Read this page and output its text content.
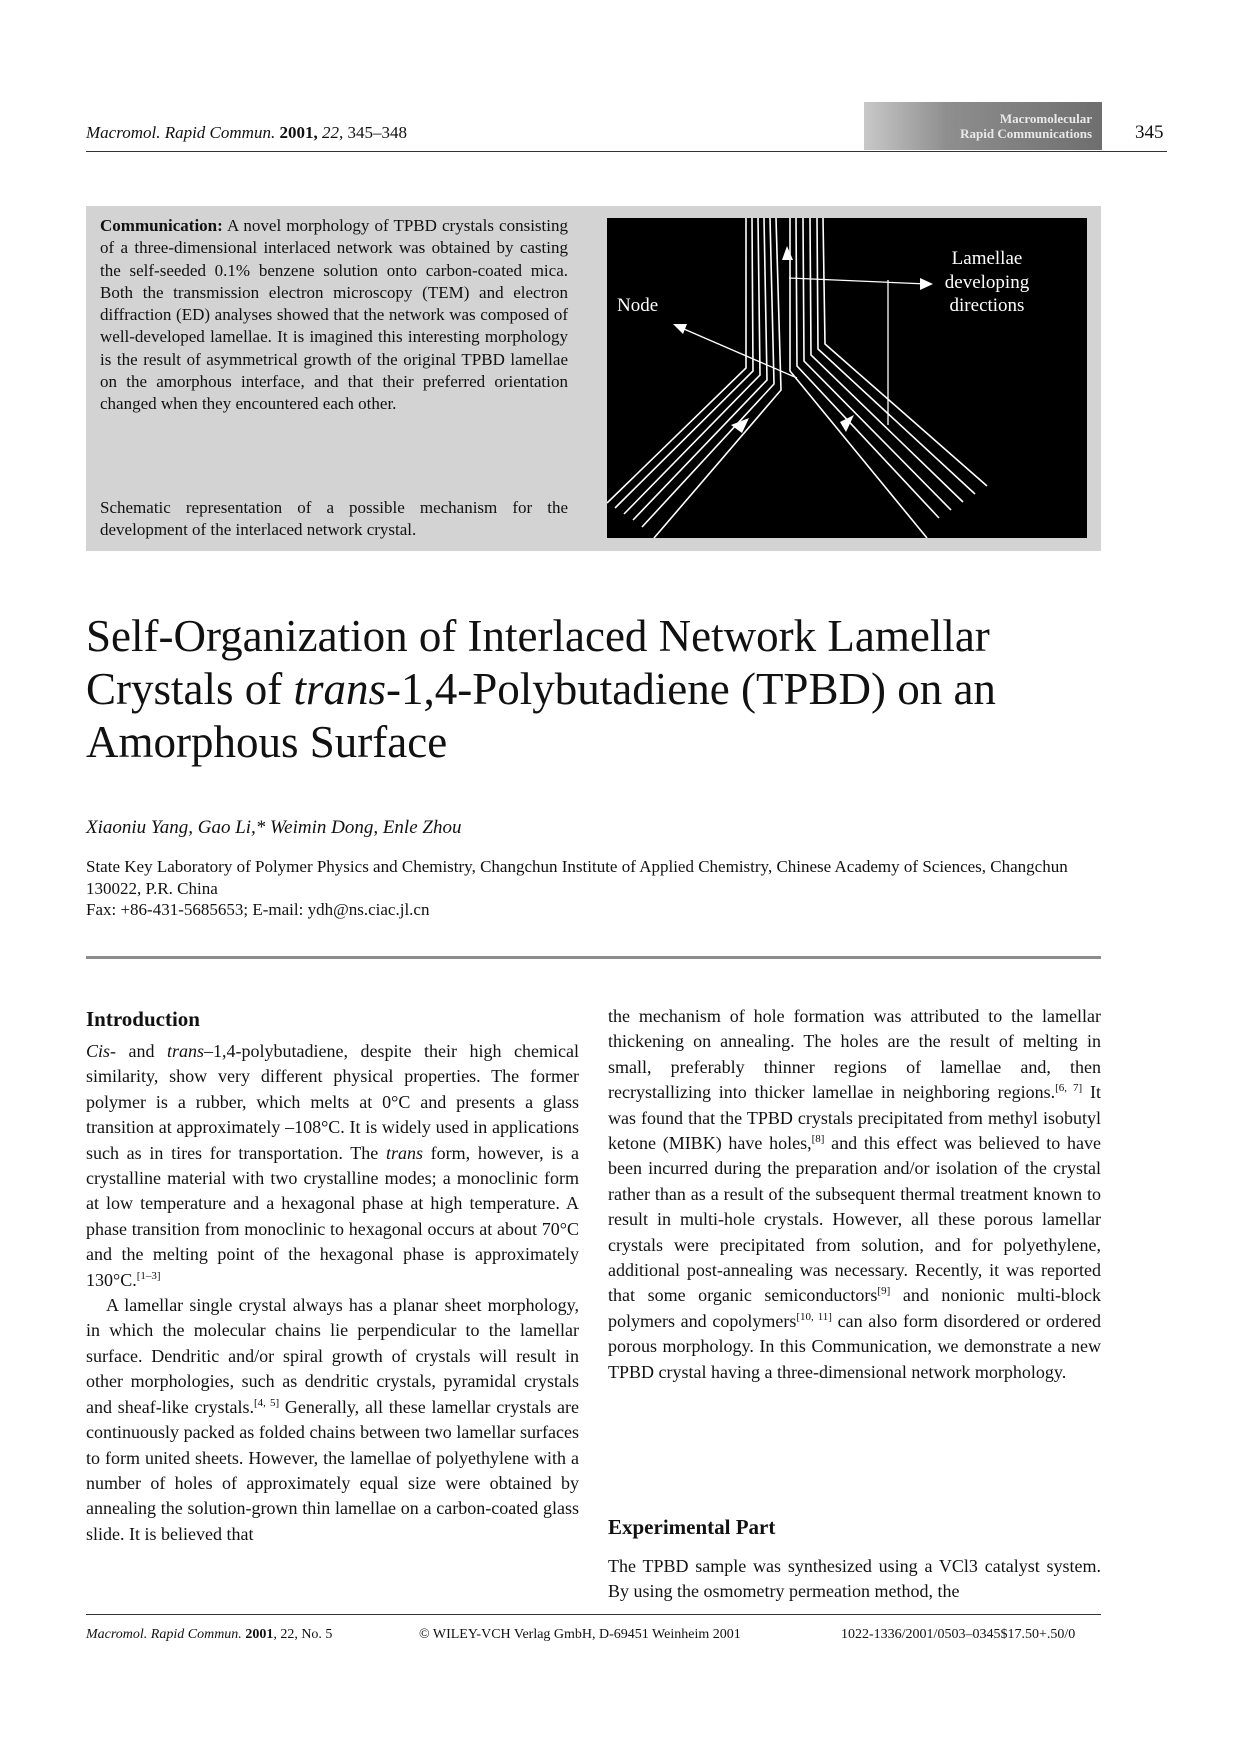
Macromol. Rapid Commun. 2001, 22, 345–348
Macromolecular
Rapid Communications 345
Communication: A novel morphology of TPBD crystals consisting of a three-dimensional interlaced network was obtained by casting the self-seeded 0.1% benzene solution onto carbon-coated mica. Both the transmission electron microscopy (TEM) and electron diffraction (ED) analyses showed that the network was composed of well-developed lamellae. It is imagined this interesting morphology is the result of asymmetrical growth of the original TPBD lamellae on the amorphous interface, and that their preferred orientation changed when they encountered each other.
Schematic representation of a possible mechanism for the development of the interlaced network crystal.
Node
Lamellae
developing
directions
Self-Organization of Interlaced Network Lamellar
Crystals of trans-1,4-Polybutadiene (TPBD) on an
Amorphous Surface
Xiaoniu Yang, Gao Li,* Weimin Dong, Enle Zhou
State Key Laboratory of Polymer Physics and Chemistry, Changchun Institute of Applied Chemistry, Chinese Academy of Sciences, Changchun 130022, P.R. China
Fax: +86-431-5685653; E-mail: ydh@ns.ciac.jl.cn
Introduction

Cis- and trans–1,4-polybutadiene, despite their high chemical similarity, show very different physical properties. The former polymer is a rubber, which melts at 0°C and presents a glass transition at approximately –108°C. It is widely used in applications such as in tires for transportation. The trans form, however, is a crystalline material with two crystalline modes; a monoclinic form at low temperature and a hexagonal phase at high temperature. A phase transition from monoclinic to hexagonal occurs at about 70°C and the melting point of the hexagonal phase is approximately 130°C.[1–3]

A lamellar single crystal always has a planar sheet morphology, in which the molecular chains lie perpendicular to the lamellar surface. Dendritic and/or spiral growth of crystals will result in other morphologies, such as dendritic crystals, pyramidal crystals and sheaf-like crystals.[4, 5] Generally, all these lamellar crystals are continuously packed as folded chains between two lamellar surfaces to form united sheets. However, the lamellae of polyethylene with a number of holes of approximately equal size were obtained by annealing the solution-grown thin lamellae on a carbon-coated glass slide. It is believed that

the mechanism of hole formation was attributed to the lamellar thickening on annealing. The holes are the result of melting in small, preferably thinner regions of lamellae and, then recrystallizing into thicker lamellae in neighboring regions.[6, 7] It was found that the TPBD crystals precipitated from methyl isobutyl ketone (MIBK) have holes,[8] and this effect was believed to have been incurred during the preparation and/or isolation of the crystal rather than as a result of the subsequent thermal treatment known to result in multi-hole crystals. However, all these porous lamellar crystals were precipitated from solution, and for polyethylene, additional post-annealing was necessary. Recently, it was reported that some organic semiconductors[9] and nonionic multi-block polymers and copolymers[10, 11] can also form disordered or ordered porous morphology. In this Communication, we demonstrate a new TPBD crystal having a three-dimensional network morphology.

Experimental Part
The TPBD sample was synthesized using a VCl3 catalyst system. By using the osmometry permeation method, the
Macromol. Rapid Commun. 2001, 22, No. 5	© WILEY-VCH Verlag GmbH, D-69451 Weinheim 2001	1022-1336/2001/0503–0345$17.50+.50/0
